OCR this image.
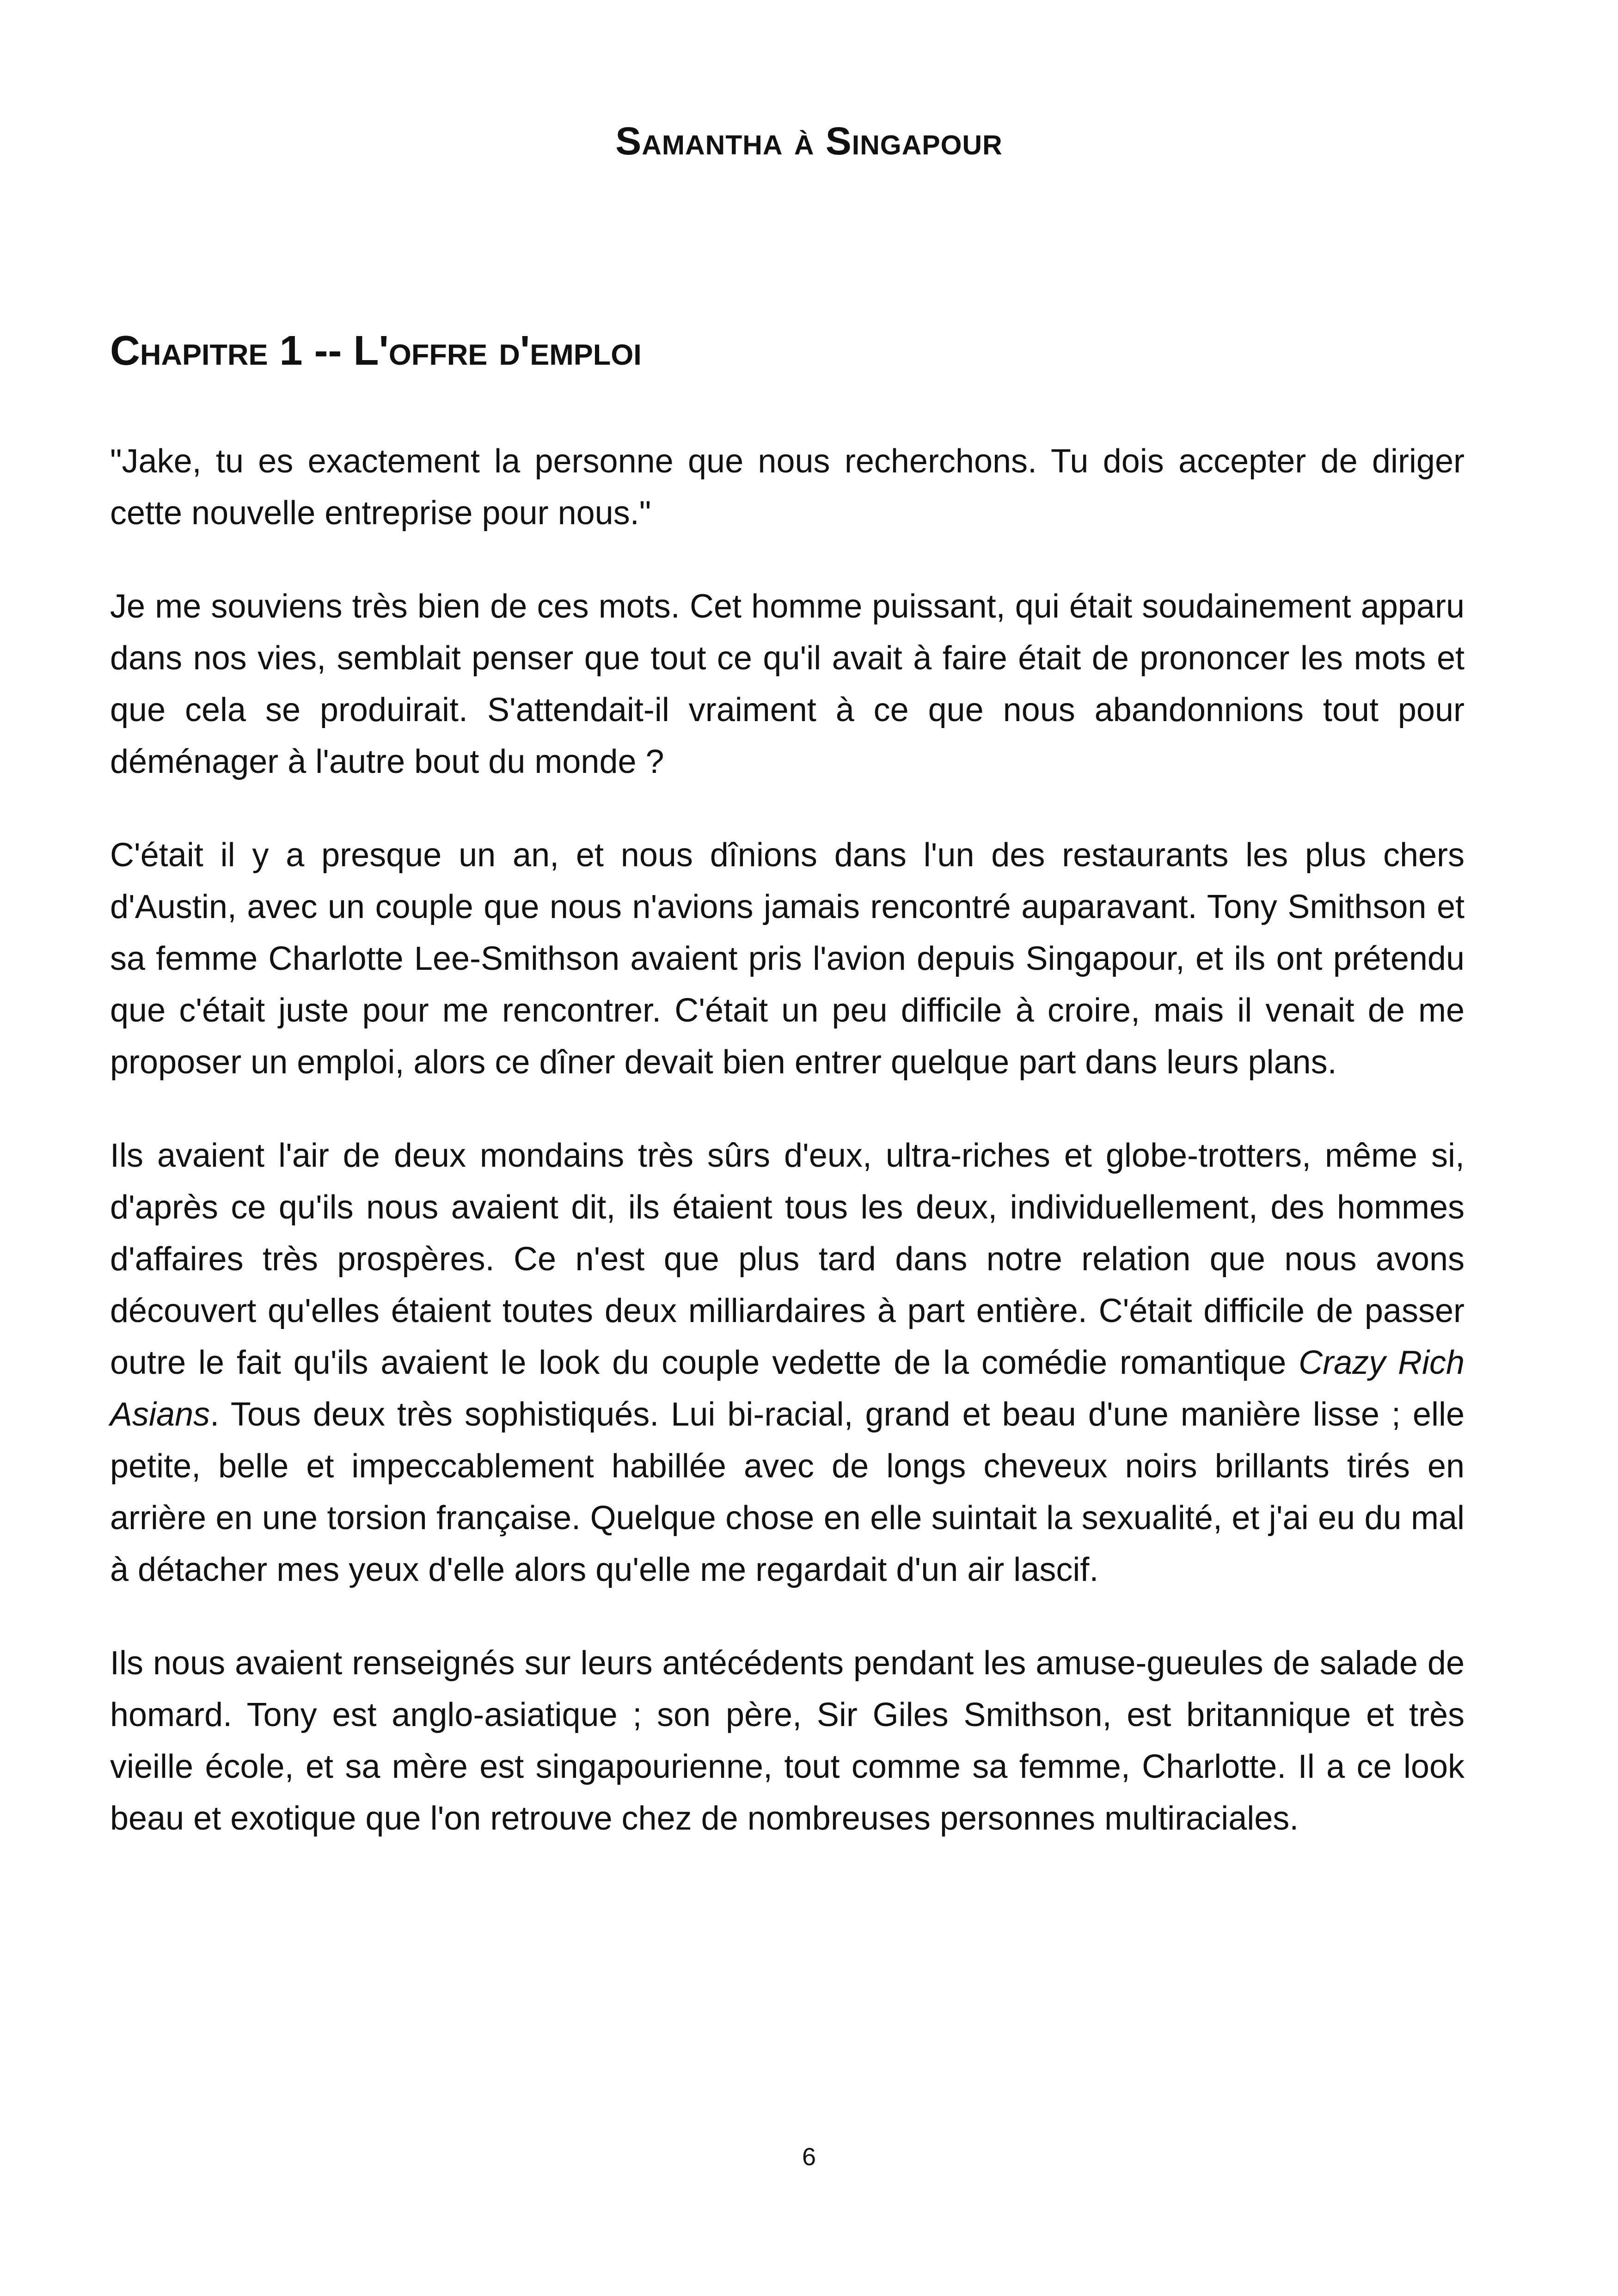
Samantha à Singapour
Chapitre 1 -- L'offre d'emploi

"Jake, tu es exactement la personne que nous recherchons. Tu dois accepter de diriger cette nouvelle entreprise pour nous."

Je me souviens très bien de ces mots. Cet homme puissant, qui était soudainement apparu dans nos vies, semblait penser que tout ce qu'il avait à faire était de prononcer les mots et que cela se produirait. S'attendait-il vraiment à ce que nous abandonnions tout pour déménager à l'autre bout du monde ?

C'était il y a presque un an, et nous dînions dans l'un des restaurants les plus chers d'Austin, avec un couple que nous n'avions jamais rencontré auparavant. Tony Smithson et sa femme Charlotte Lee-Smithson avaient pris l'avion depuis Singapour, et ils ont prétendu que c'était juste pour me rencontrer. C'était un peu difficile à croire, mais il venait de me proposer un emploi, alors ce dîner devait bien entrer quelque part dans leurs plans.

Ils avaient l'air de deux mondains très sûrs d'eux, ultra-riches et globe-trotters, même si, d'après ce qu'ils nous avaient dit, ils étaient tous les deux, individuellement, des hommes d'affaires très prospères. Ce n'est que plus tard dans notre relation que nous avons découvert qu'elles étaient toutes deux milliardaires à part entière. C'était difficile de passer outre le fait qu'ils avaient le look du couple vedette de la comédie romantique Crazy Rich Asians. Tous deux très sophistiqués. Lui bi-racial, grand et beau d'une manière lisse ; elle petite, belle et impeccablement habillée avec de longs cheveux noirs brillants tirés en arrière en une torsion française. Quelque chose en elle suintait la sexualité, et j'ai eu du mal à détacher mes yeux d'elle alors qu'elle me regardait d'un air lascif.

Ils nous avaient renseignés sur leurs antécédents pendant les amuse-gueules de salade de homard. Tony est anglo-asiatique ; son père, Sir Giles Smithson, est britannique et très vieille école, et sa mère est singapourienne, tout comme sa femme, Charlotte. Il a ce look beau et exotique que l'on retrouve chez de nombreuses personnes multiraciales.

6
